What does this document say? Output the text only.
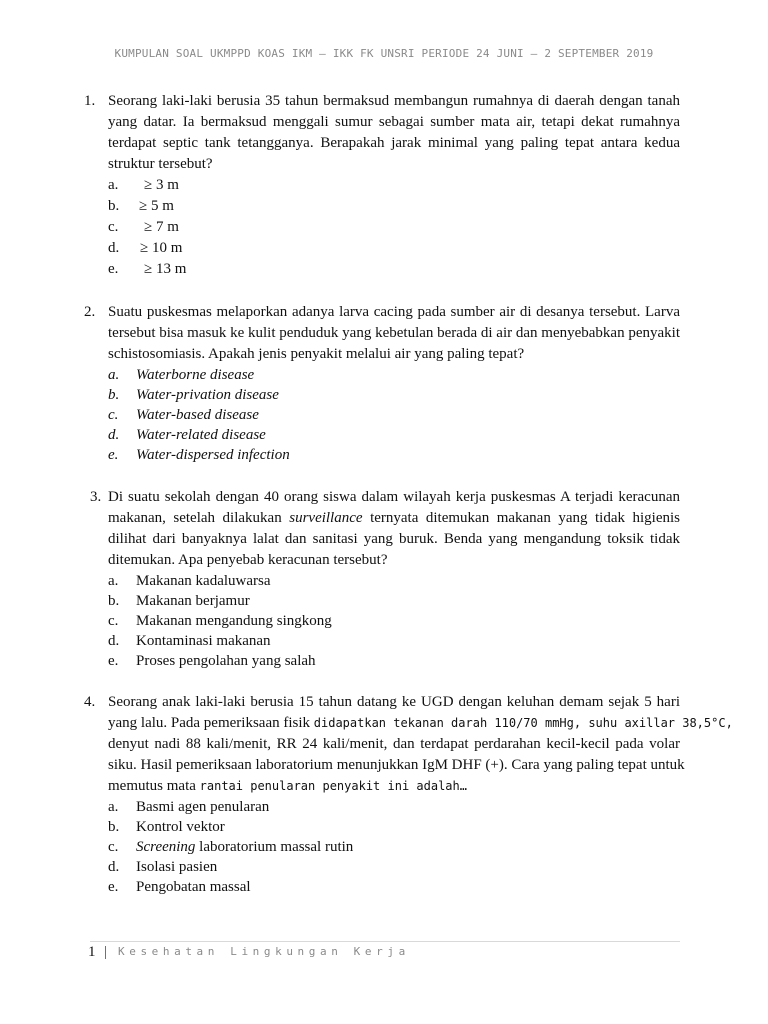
KUMPULAN SOAL UKMPPD KOAS IKM – IKK FK UNSRI PERIODE 24 JUNI – 2 SEPTEMBER 2019
1. Seorang laki-laki berusia 35 tahun bermaksud membangun rumahnya di daerah dengan tanah
yang datar. Ia bermaksud menggali sumur sebagai sumber mata air, tetapi dekat rumahnya
terdapat septic tank tetangganya. Berapakah jarak minimal yang paling tepat antara kedua
struktur tersebut?
a.	≥ 3 m
b.	≥ 5 m
c.	≥ 7 m
d.	≥ 10 m
e.	≥ 13 m
2. Suatu puskesmas melaporkan adanya larva cacing pada sumber air di desanya tersebut. Larva
tersebut bisa masuk ke kulit penduduk yang kebetulan berada di air dan menyebabkan penyakit
schistosomiasis. Apakah jenis penyakit melalui air yang paling tepat?
a.	Waterborne disease
b.	Water-privation disease
c.	Water-based disease
d.	Water-related disease
e.	Water-dispersed infection
3. Di suatu sekolah dengan 40 orang siswa dalam wilayah kerja puskesmas A terjadi keracunan
makanan, setelah dilakukan surveillance ternyata ditemukan makanan yang tidak higienis
dilihat dari banyaknya lalat dan sanitasi yang buruk. Benda yang mengandung toksik tidak
ditemukan. Apa penyebab keracunan tersebut?
a.	Makanan kadaluwarsa
b.	Makanan berjamur
c.	Makanan mengandung singkong
d.	Kontaminasi makanan
e.	Proses pengolahan yang salah
4. Seorang anak laki-laki berusia 15 tahun datang ke UGD dengan keluhan demam sejak 5 hari
yang lalu. Pada pemeriksaan fisik didapatkan tekanan darah 110/70 mmHg, suhu axillar 38,5°C,
denyut nadi 88 kali/menit, RR 24 kali/menit, dan terdapat perdarahan kecil-kecil pada volar
siku. Hasil pemeriksaan laboratorium menunjukkan IgM DHF (+). Cara yang paling tepat untuk
memutus mata rantai penularan penyakit ini adalah…
a.	Basmi agen penularan
b.	Kontrol vektor
c.	Screening laboratorium massal rutin
d.	Isolasi pasien
e.	Pengobatan massal
1 | Kesehatan Lingkungan Kerja
